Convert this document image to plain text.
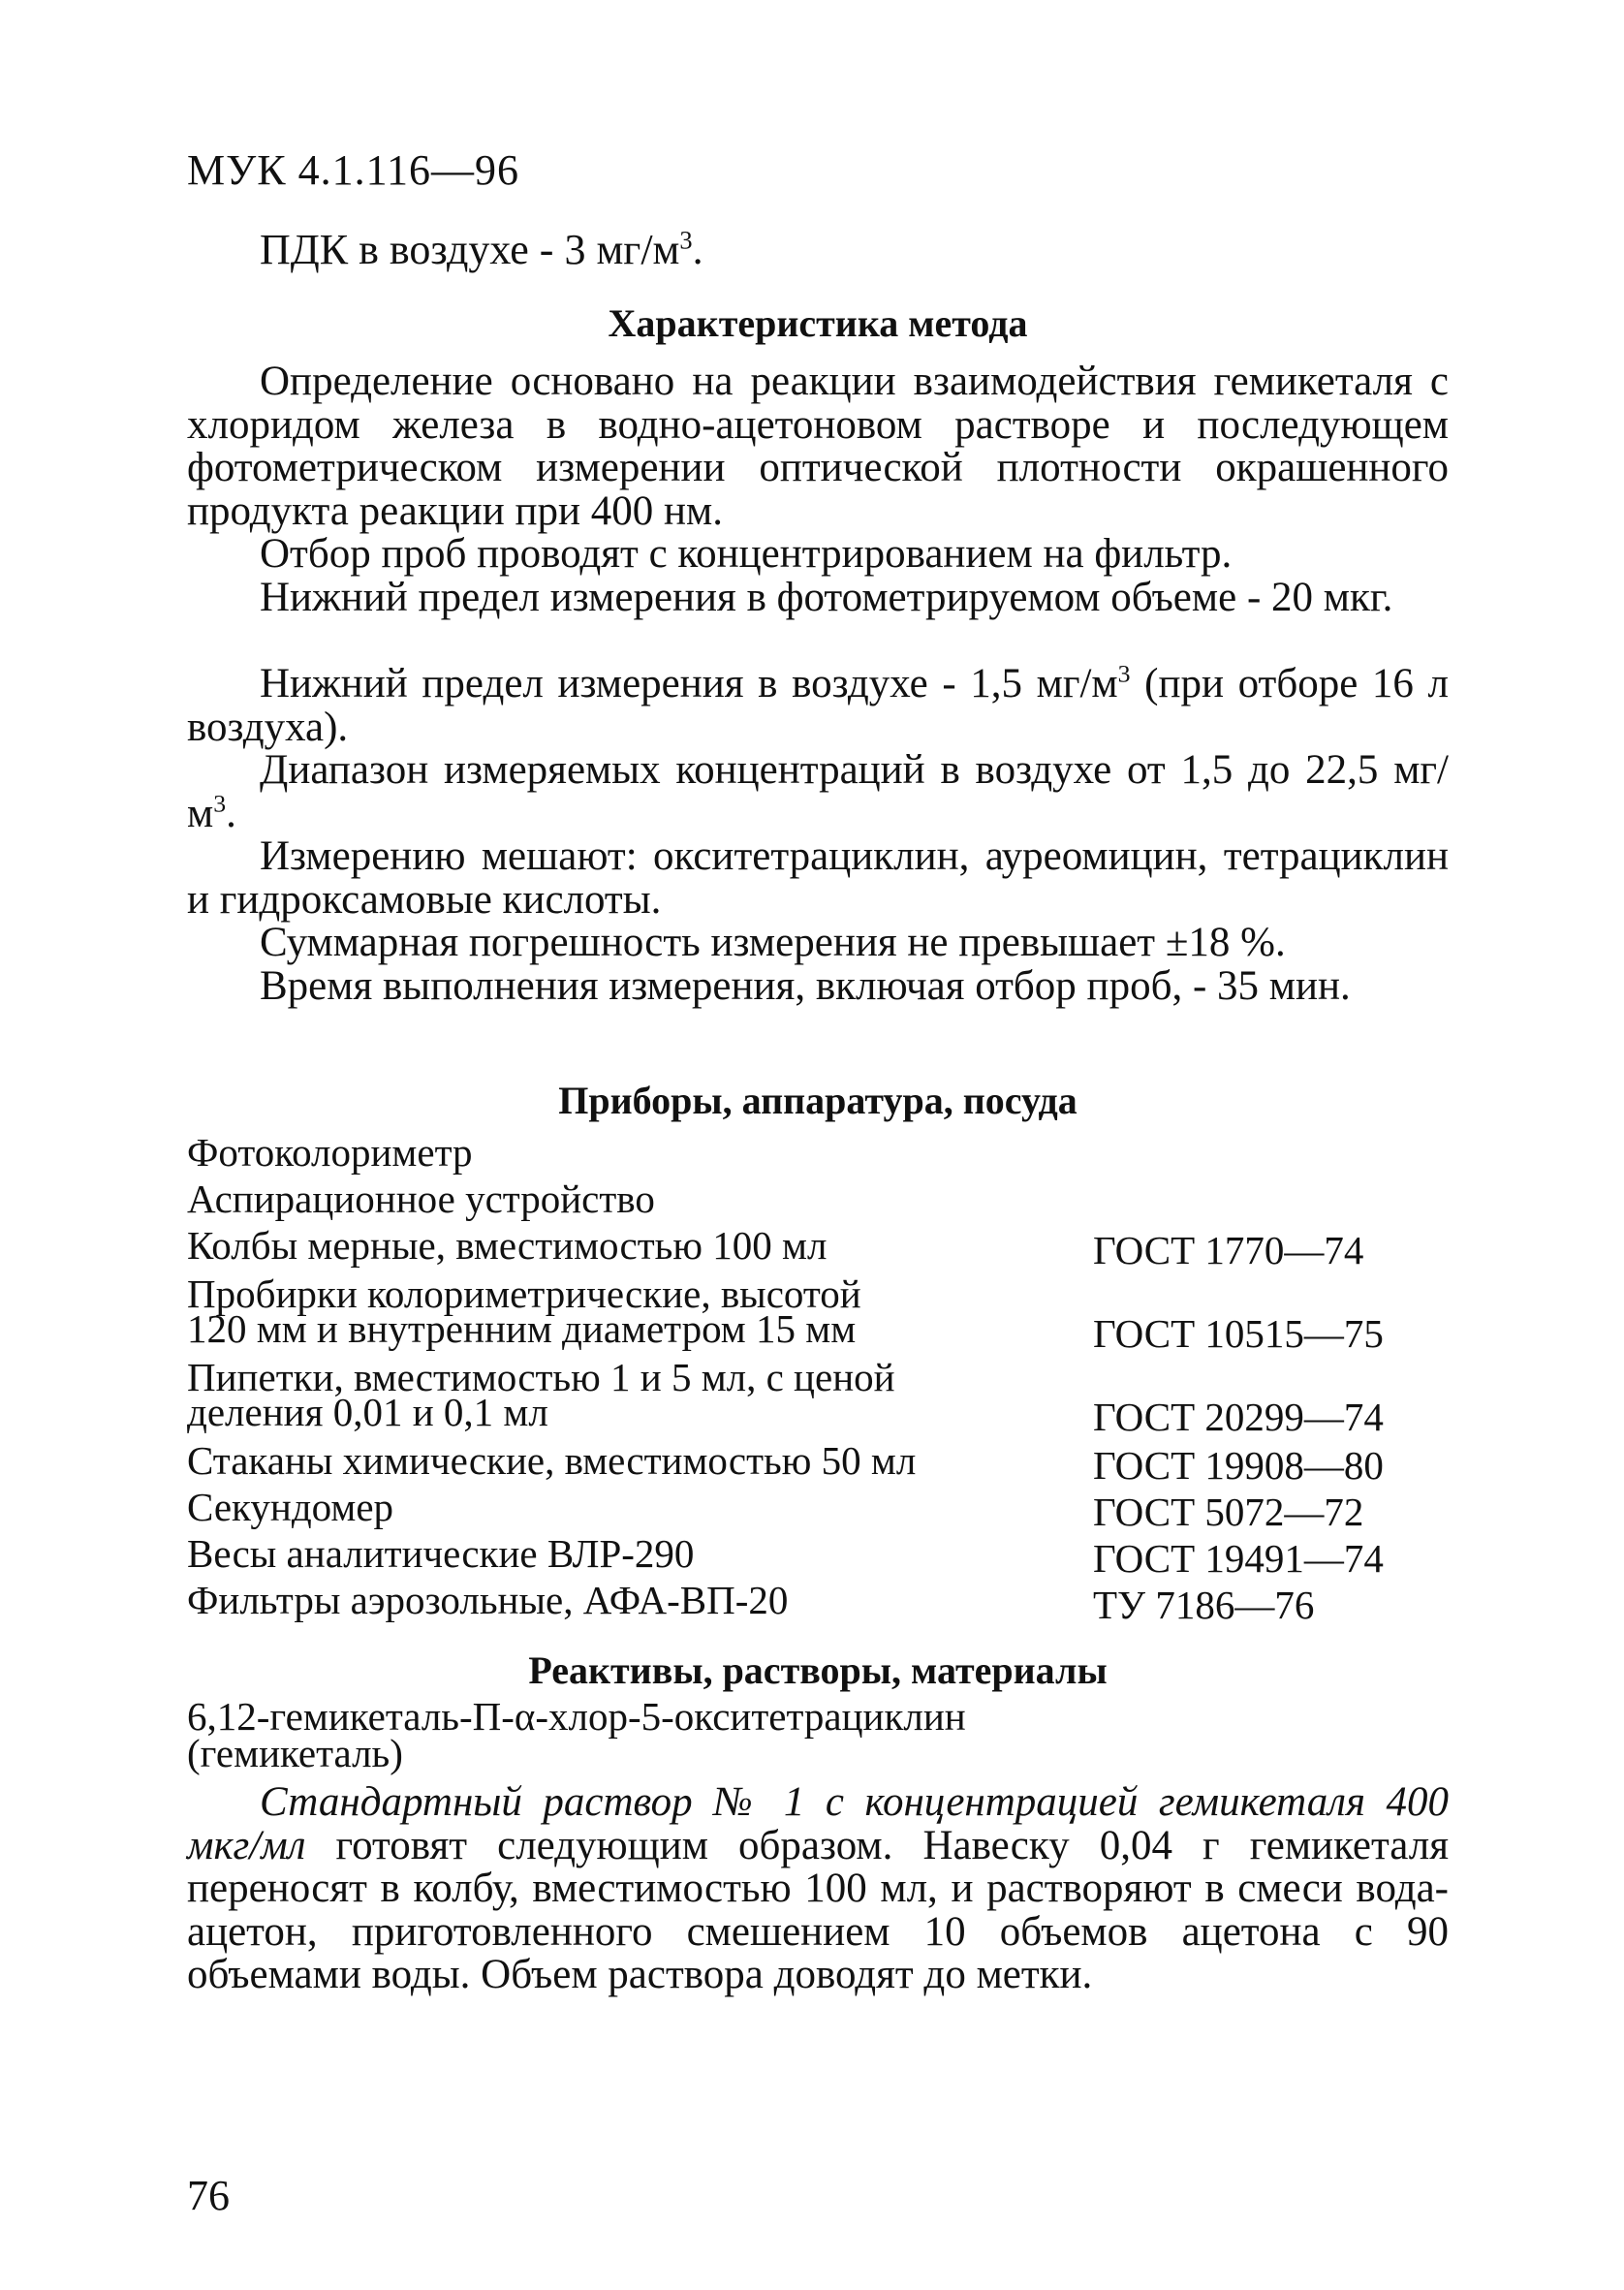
МУК 4.1.116—96
ПДК в воздухе - 3 $мг/м^3$.
Характеристика метода

Определение основано на реакции взаимодействия гемикеталя с хлоридом железа в водно-ацетоновом растворе и последующем фотометрическом измерении оптической плотности окрашенного продукта реакции при 400 нм.

Отбор проб проводят с концентрированием на фильтр.

Нижний предел измерения в фотометрируемом объеме - 20 мкг.

Нижний предел измерения в воздухе - 1,5 $мг/м^3$ (при отборе 16 л воздуха).

Диапазон измеряемых концентраций в воздухе от 1,5 до 22,5 $мг/м^3$.

Измерению мешают: окситетрациклин, ауреомицин, тетрациклин и гидроксамовые кислоты.

Суммарная погрешность измерения не превышает ±18 %.

Время выполнения измерения, включая отбор проб, - 35 мин.

Приборы, аппаратура, посуда
Фотоколориметр
Аспирационное устройство
Колбы мерные, вместимостью 100 мл	ГОСТ 1770—74
Пробирки колориметрические, высотой
120 мм и внутренним диаметром 15 мм	ГОСТ 10515—75
Пипетки, вместимостью 1 и 5 мл, с ценой
деления 0,01 и 0,1 мл	ГОСТ 20299—74
Стаканы химические, вместимостью 50 мл	ГОСТ 19908—80
Секундомер	ГОСТ 5072—72
Весы аналитические ВЛР-290	ГОСТ 19491—74
Фильтры аэрозольные, АФА-ВП-20	ТУ 7186—76
Реактивы, растворы, материалы
6,12-гемикеталь-П-α-хлор-5-окситетрациклин
(гемикеталь)

Стандартный раствор № 1 с концентрацией гемикеталя 400 мкг/мл готовят следующим образом. Навеску 0,04 г гемикеталя переносят в колбу, вместимостью 100 мл, и растворяют в смеси вода-ацетон, приготовленного смешением 10 объемов ацетона с 90 объемами воды. Объем раствора доводят до метки.

76
